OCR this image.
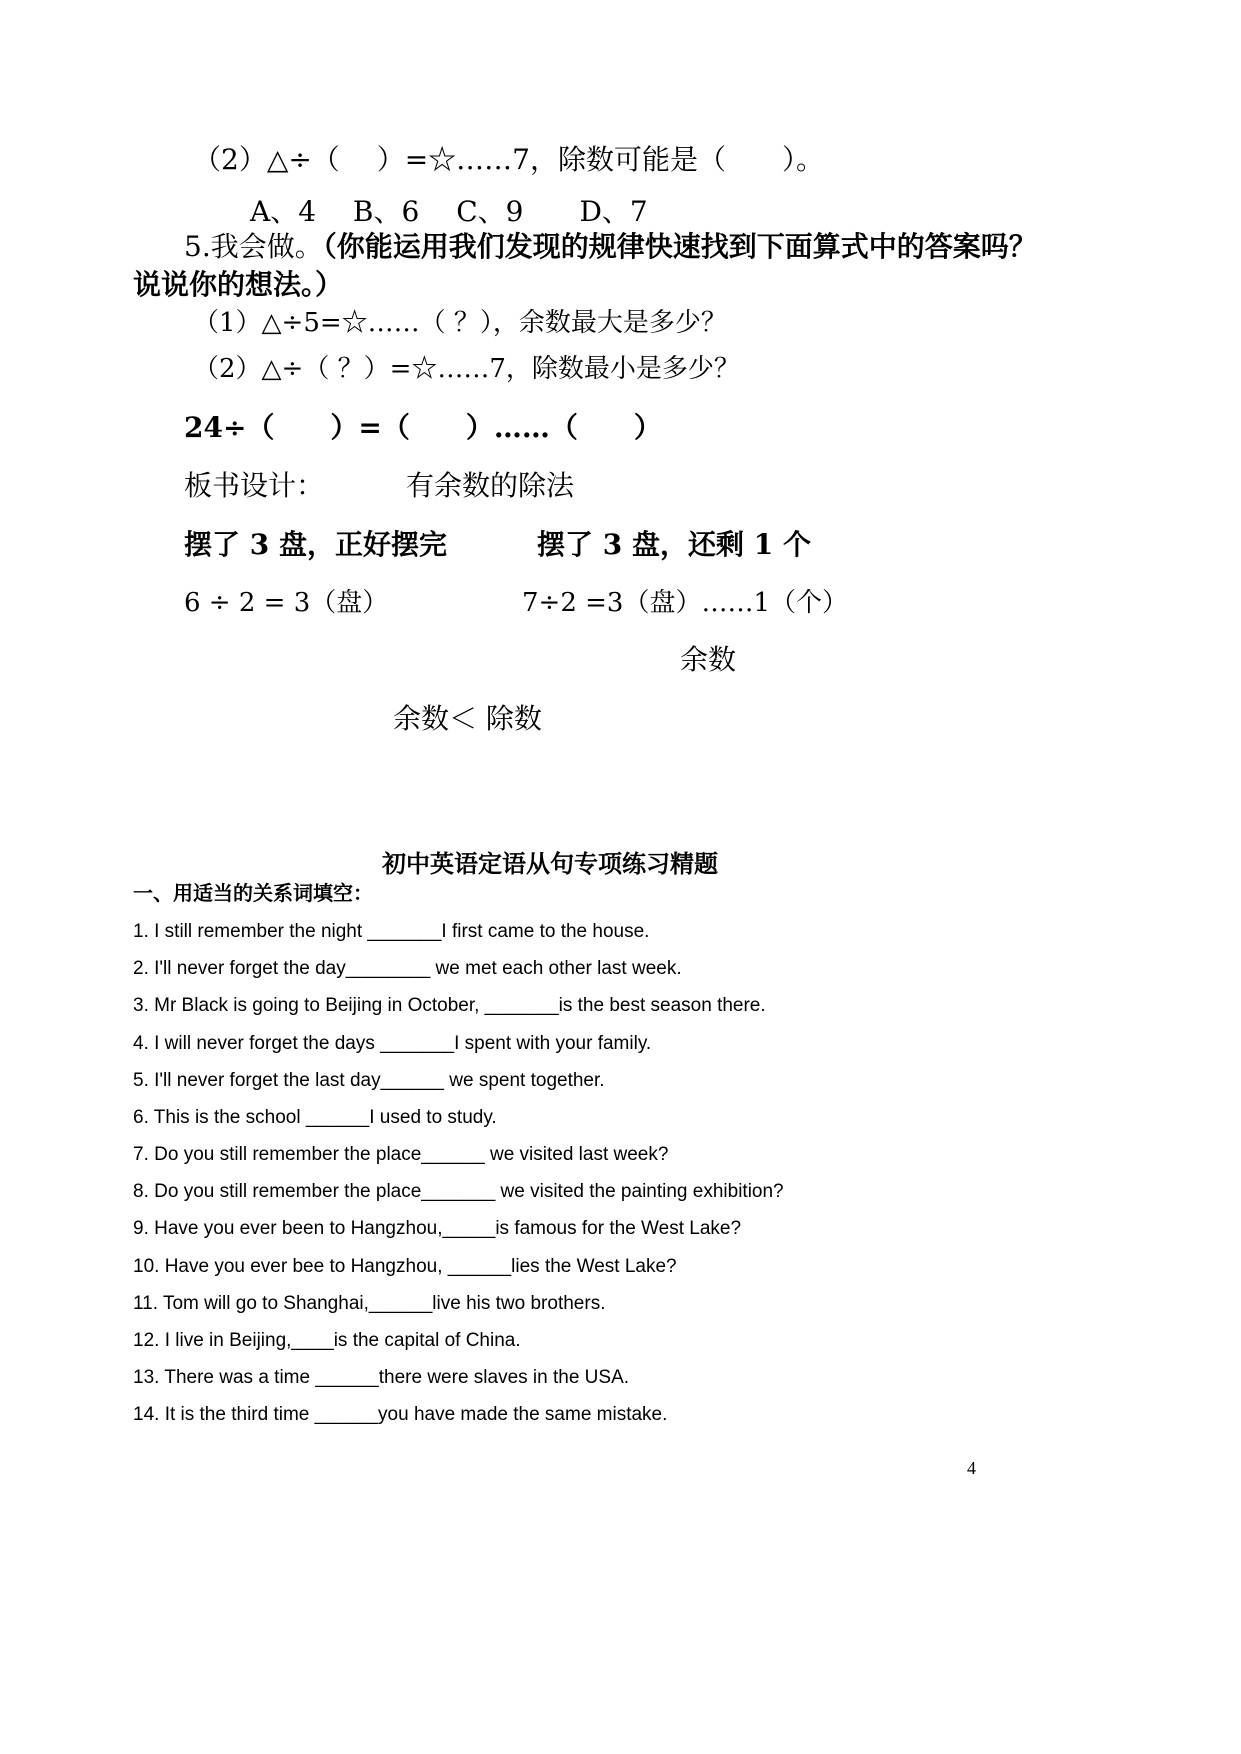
（2）△÷（　 ）=☆……7，除数可能是（　　）。
A、4　 B、6　 C、9　　D、7
5.我会做。（你能运用我们发现的规律快速找到下面算式中的答案吗？
说说你的想法。）
（1）△÷5=☆……（ ？），余数最大是多少？
（2）△÷（ ？）=☆……7，除数最小是多少？
24÷（　　）=（　　）……（　　）
板书设计：	有余数的除法
摆了 3 盘，正好摆完	摆了 3 盘，还剩 1 个
6 ÷ 2 = 3（盘）	7÷2 =3（盘）……1（个）
余数
余数＜ 除数
初中英语定语从句专项练习精题
一、用适当的关系词填空：
1. I still remember the night _______I first came to the house.
2. I'll never forget the day________ we met each other last week.
3. Mr Black is going to Beijing in October, _______is the best season there.
4. I will never forget the days _______I spent with your family.
5. I'll never forget the last day______ we spent together.
6. This is the school ______I used to study.
7. Do you still remember the place______ we visited last week?
8. Do you still remember the place_______ we visited the painting exhibition?
9. Have you ever been to Hangzhou,_____is famous for the West Lake?
10. Have you ever bee to Hangzhou, ______lies the West Lake?
11. Tom will go to Shanghai,______live his two brothers.
12. I live in Beijing,____is the capital of China.
13. There was a time ______there were slaves in the USA.
14. It is the third time ______you have made the same mistake.
4
